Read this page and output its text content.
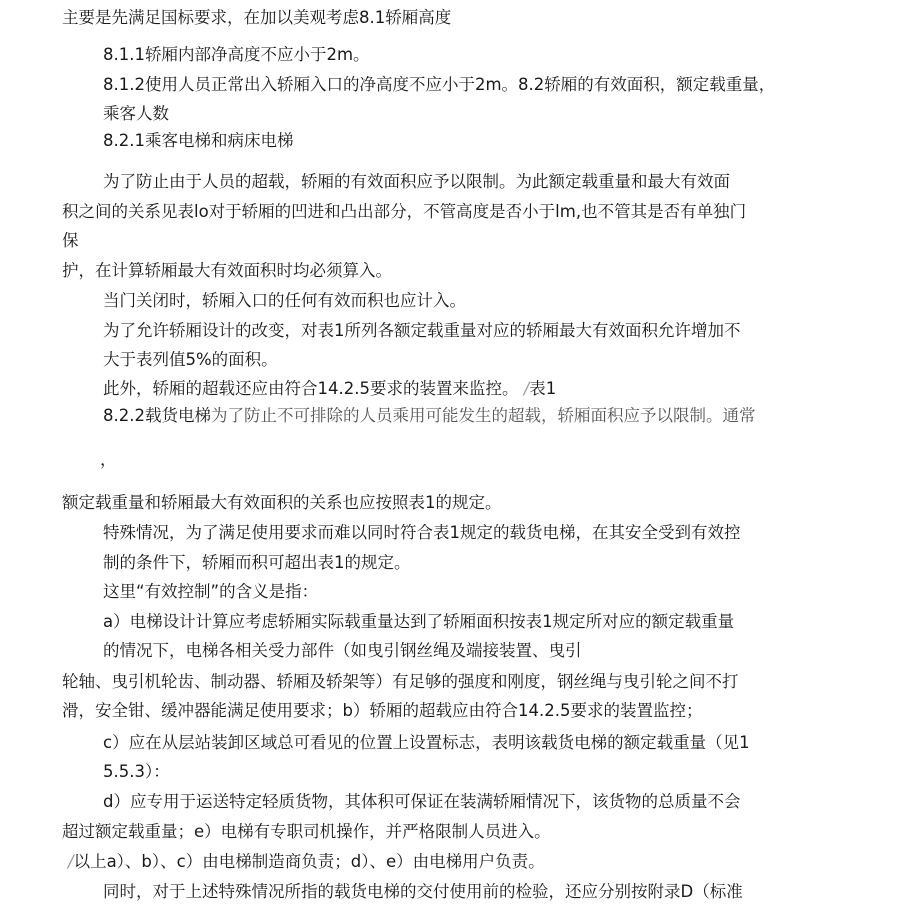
主要是先满足国标要求，在加以美观考虑8.1轿厢高度
8.1.1轿厢内部净高度不应小于2m。
8.1.2使用人员正常出入轿厢入口的净高度不应小于2m。8.2轿厢的有效面积，额定载重量，
乘客人数
8.2.1乘客电梯和病床电梯
为了防止由于人员的超载，轿厢的有效面积应予以限制。为此额定载重量和最大有效面
积之间的关系见表lo对于轿厢的凹进和凸出部分，不管高度是否小于lm,也不管其是否有单独门
保
护，在计算轿厢最大有效面积时均必须算入。
当门关闭时，轿厢入口的任何有效而积也应计入。
为了允许轿厢设计的改变，对表1所列各额定载重量对应的轿厢最大有效面积允许增加不
大于表列值5%的面积。
此外，轿厢的超载还应由符合14.2.5要求的装置来监控。 /表1
8.2.2载货电梯为了防止不可排除的人员乘用可能发生的超载，轿厢面积应予以限制。通常
，
额定载重量和轿厢最大有效面积的关系也应按照表1的规定。
特殊情况，为了满足使用要求而难以同时符合表1规定的载货电梯，在其安全受到有效控
制的条件下，轿厢而积可超出表1的规定。
这里“有效控制”的含义是指：
a）电梯设计计算应考虑轿厢实际载重量达到了轿厢面积按表1规定所对应的额定载重量
的情况下，电梯各相关受力部件（如曳引钢丝绳及端接装置、曳引
轮轴、曳引机轮齿、制动器、轿厢及轿架等）有足够的强度和刚度，钢丝绳与曳引轮之间不打
滑，安全钳、缓冲器能满足使用要求；b）轿厢的超载应由符合14.2.5要求的装置监控；
c）应在从层站装卸区域总可看见的位置上设置标志，表明该载货电梯的额定载重量（见1
5.5.3）：
d）应专用于运送特定轻质货物，其体积可保证在装满轿厢情况下，该货物的总质量不会
超过额定载重量；e）电梯有专职司机操作，并严格限制人员进入。
/以上a）、b）、c）由电梯制造商负责；d）、e）由电梯用户负责。
同时，对于上述特殊情况所指的载货电梯的交付使用前的检验，还应分别按附录D（标准
